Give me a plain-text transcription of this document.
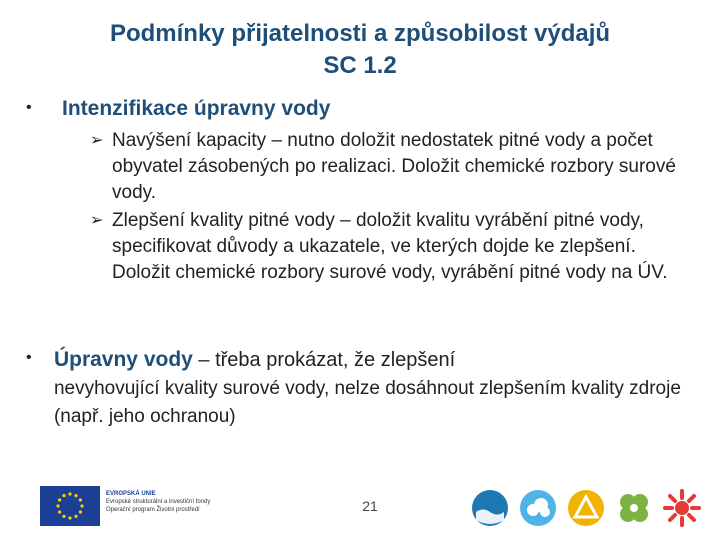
Podmínky přijatelnosti a způsobilost výdajů
SC 1.2
•	Intenzifikace úpravny vody
➢ Navýšení kapacity – nutno doložit nedostatek pitné vody a počet obyvatel zásobených po realizaci. Doložit chemické rozbory surové vody.
➢ Zlepšení kvality pitné vody – doložit kvalitu vyrábění pitné vody, specifikovat důvody a ukazatele, ve kterých dojde ke zlepšení. Doložit chemické rozbory surové vody, vyrábění pitné vody na ÚV.
•	Úpravny vody – třeba prokázat, že zlepšení
nevyhovující kvality surové vody, nelze dosáhnout zlepšením kvality zdroje (např. jeho ochranou)
EVROPSKÁ UNIE
Evropské strukturální a investiční fondy
Operační program Životní prostředí	21
